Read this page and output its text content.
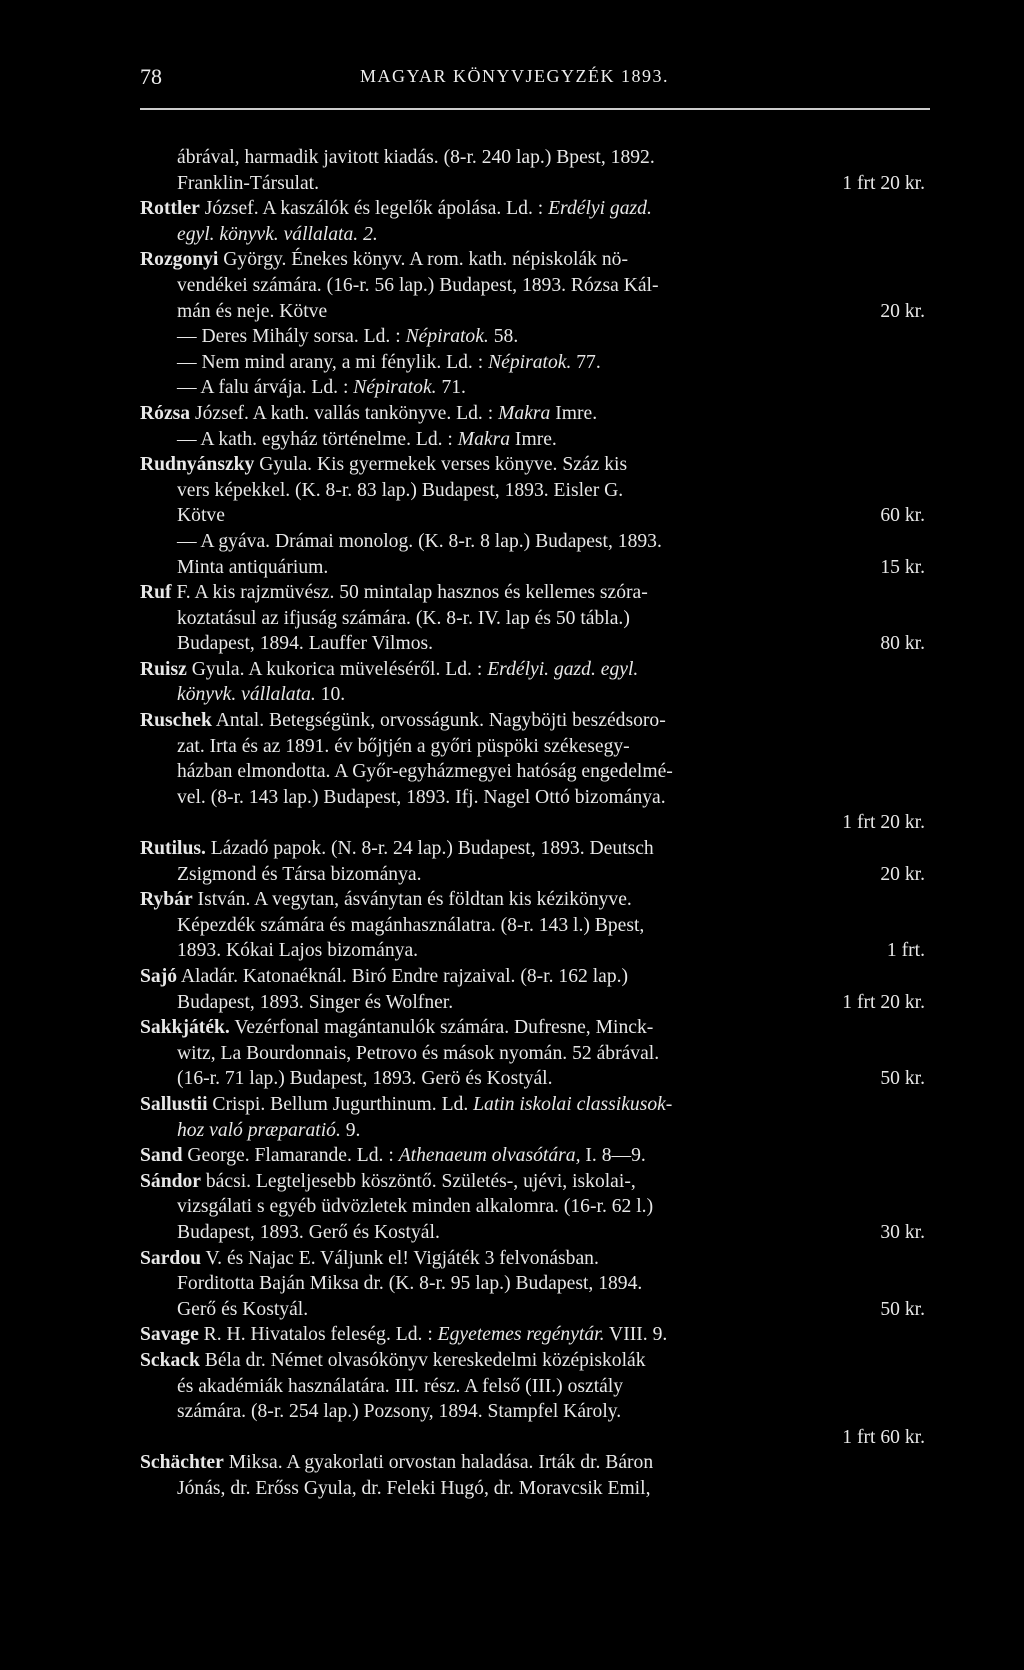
78	MAGYAR KÖNYVJEGYZÉK 1893.
ábrával, harmadik javitott kiadás. (8-r. 240 lap.) Bpest, 1892.
Franklin-Társulat.	1 frt 20 kr.
Rottler József. A kaszálók és legelők ápolása. Ld. : Erdélyi gazd.
egyl. könyvk. vállalata. 2.
Rozgonyi György. Énekes könyv. A rom. kath. népiskolák nö-
vendékei számára. (16-r. 56 lap.) Budapest, 1893. Rózsa Kál-
mán és neje. Kötve	20 kr.
— Deres Mihály sorsa. Ld. : Népiratok. 58.
— Nem mind arany, a mi fénylik. Ld. : Népiratok. 77.
— A falu árvája. Ld. : Népiratok. 71.
Rózsa József. A kath. vallás tankönyve. Ld. : Makra Imre.
— A kath. egyház történelme. Ld. : Makra Imre.
Rudnyánszky Gyula. Kis gyermekek verses könyve. Száz kis
vers képekkel. (K. 8-r. 83 lap.) Budapest, 1893. Eisler G.
Kötve	60 kr.
— A gyáva. Drámai monolog. (K. 8-r. 8 lap.) Budapest, 1893.
Minta antiquárium.	15 kr.
Ruf F. A kis rajzmüvész. 50 mintalap hasznos és kellemes szóra-
koztatásul az ifjuság számára. (K. 8-r. IV. lap és 50 tábla.)
Budapest, 1894. Lauffer Vilmos.	80 kr.
Ruisz Gyula. A kukorica müveléséről. Ld. : Erdélyi. gazd. egyl.
könyvk. vállalata. 10.
Ruschek Antal. Betegségünk, orvosságunk. Nagyböjti beszédsoro-
zat. Irta és az 1891. év bőjtjén a győri püspöki székesegy-
házban elmondotta. A Győr-egyházmegyei hatóság engedelmé-
vel. (8-r. 143 lap.) Budapest, 1893. Ifj. Nagel Ottó bizománya.
1 frt 20 kr.
Rutilus. Lázadó papok. (N. 8-r. 24 lap.) Budapest, 1893. Deutsch
Zsigmond és Társa bizománya.	20 kr.
Rybár István. A vegytan, ásványtan és földtan kis kézikönyve.
Képezdék számára és magánhasználatra. (8-r. 143 l.) Bpest,
1893. Kókai Lajos bizománya.	1 frt.
Sajó Aladár. Katonaéknál. Biró Endre rajzaival. (8-r. 162 lap.)
Budapest, 1893. Singer és Wolfner.	1 frt 20 kr.
Sakkjáték. Vezérfonal magántanulók számára. Dufresne, Minck-
witz, La Bourdonnais, Petrovo és mások nyomán. 52 ábrával.
(16-r. 71 lap.) Budapest, 1893. Gerö és Kostyál.	50 kr.
Sallustii Crispi. Bellum Jugurthinum. Ld. Latin iskolai classikusok-
hoz való præparatió. 9.
Sand George. Flamarande. Ld. : Athenaeum olvasótára, I. 8—9.
Sándor bácsi. Legteljesebb köszöntő. Születés-, ujévi, iskolai-,
vizsgálati s egyéb üdvözletek minden alkalomra. (16-r. 62 l.)
Budapest, 1893. Gerő és Kostyál.	30 kr.
Sardou V. és Najac E. Váljunk el! Vigjáték 3 felvonásban.
Forditotta Baján Miksa dr. (K. 8-r. 95 lap.) Budapest, 1894.
Gerő és Kostyál.	50 kr.
Savage R. H. Hivatalos feleség. Ld. : Egyetemes regénytár. VIII. 9.
Sckack Béla dr. Német olvasókönyv kereskedelmi középiskolák
és akadémiák használatára. III. rész. A felső (III.) osztály
számára. (8-r. 254 lap.) Pozsony, 1894. Stampfel Károly.
1 frt 60 kr.
Schächter Miksa. A gyakorlati orvostan haladása. Irták dr. Báron
Jónás, dr. Erőss Gyula, dr. Feleki Hugó, dr. Moravcsik Emil,
